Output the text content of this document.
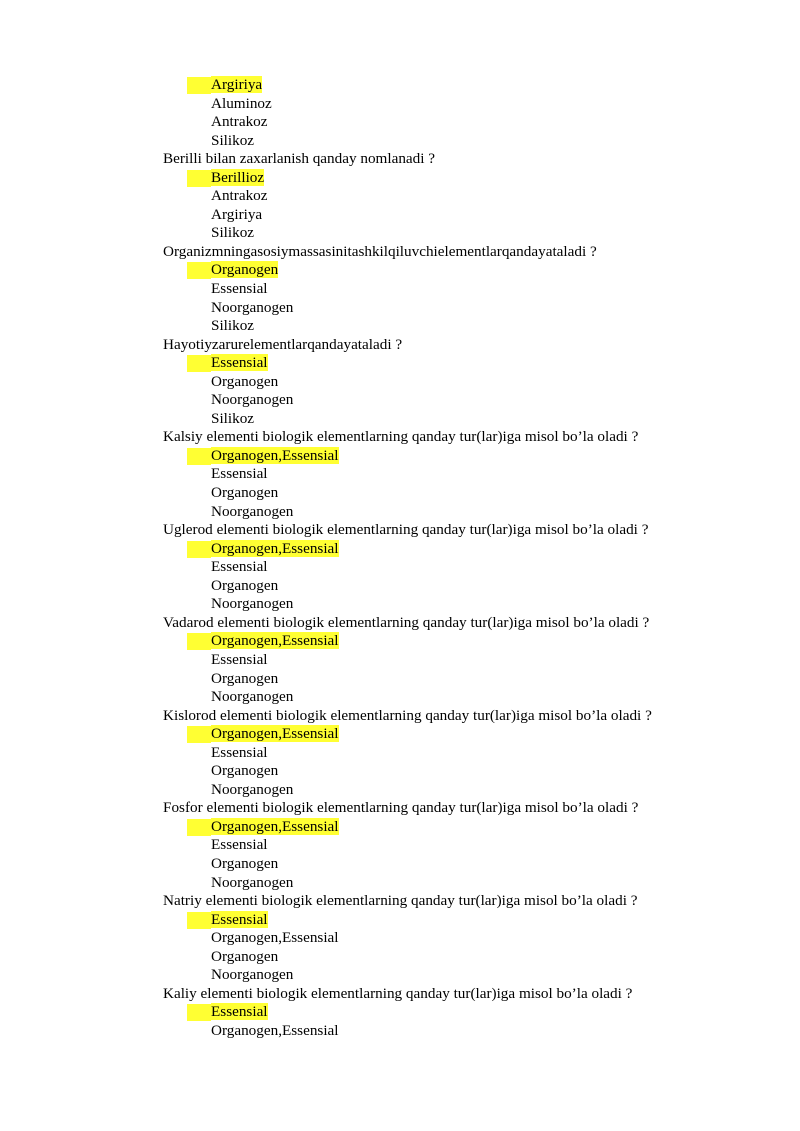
Argiriya
Aluminoz
Antrakoz
Silikoz
Berilli bilan zaxarlanish qanday nomlanadi ?
Berillioz
Antrakoz
Argiriya
Silikoz
Organizmningasosiymassasinitashkilqiluvchielementlarqandayataladi ?
Organogen
Essensial
Noorganogen
Silikoz
Hayotiyzarurelementlarqandayataladi ?
Essensial
Organogen
Noorganogen
Silikoz
Kalsiy elementi biologik elementlarning qanday tur(lar)iga misol bo’la oladi ?
Organogen,Essensial
Essensial
Organogen
Noorganogen
Uglerod elementi biologik elementlarning qanday tur(lar)iga misol bo’la oladi ?
Organogen,Essensial
Essensial
Organogen
Noorganogen
Vadarod elementi biologik elementlarning qanday tur(lar)iga misol bo’la oladi ?
Organogen,Essensial
Essensial
Organogen
Noorganogen
Kislorod elementi biologik elementlarning qanday tur(lar)iga misol bo’la oladi ?
Organogen,Essensial
Essensial
Organogen
Noorganogen
Fosfor elementi biologik elementlarning qanday tur(lar)iga misol bo’la oladi ?
Organogen,Essensial
Essensial
Organogen
Noorganogen
Natriy elementi biologik elementlarning qanday tur(lar)iga misol bo’la oladi ?
Essensial
Organogen,Essensial
Organogen
Noorganogen
Kaliy elementi biologik elementlarning qanday tur(lar)iga misol bo’la oladi ?
Essensial
Organogen,Essensial
